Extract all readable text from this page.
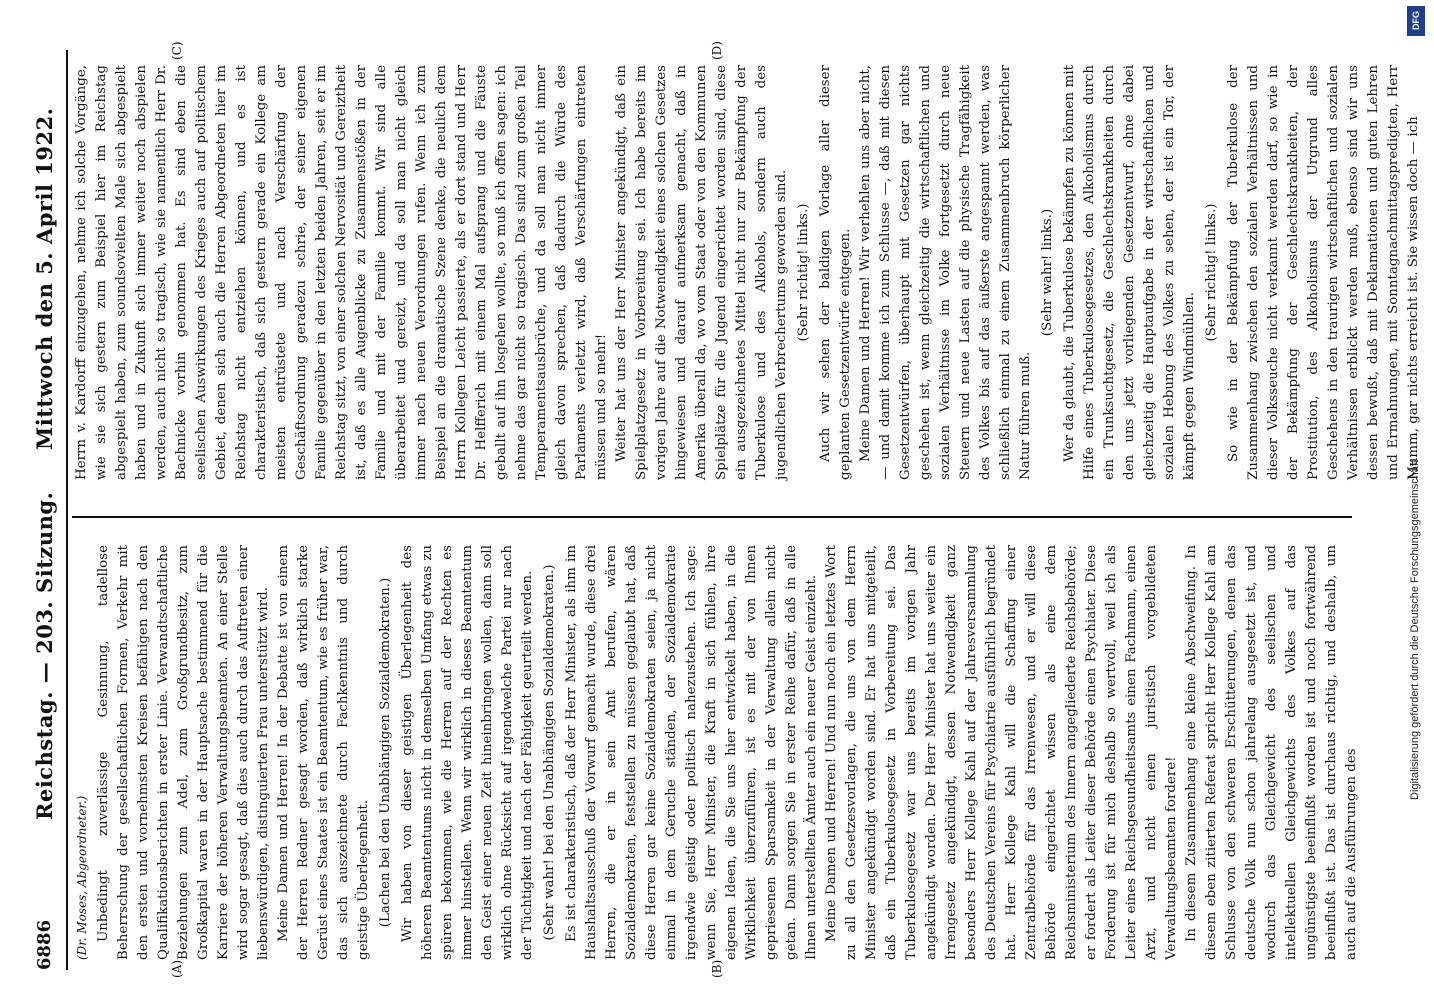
6886
Reichstag. — 203. Sitzung.
Mittwoch den 5. April 1922.
(A)	(B)
(C)	(D)
(Dr. Moses, Abgeordneter.) Unbedingt zuverlässige Gesinnung, tadellose Beherrschung der gesellschaftlichen Formen, Verkehr mit den ersten und vornehmsten Kreisen befähigen nach den Qualifikationsberichten in erster Linie. Verwandtschaftliche Beziehungen zum Adel, zum Großgrundbesitz, zum Großkapital waren in der Hauptsache bestimmend für die Karriere der höheren Verwaltungsbeamten. An einer Stelle wird sogar gesagt, daß dies auch durch das Auftreten einer liebenswürdigen, distinguierten Frau unterstützt wird. Meine Damen und Herren! In der Debatte ist von einem der Herren Redner gesagt worden, daß wirklich starke Gerüst eines Staates ist ein Beamtentum, wie es früher war, das sich auszeichnete durch Fachkenntnis und durch geistige Überlegenheit. (Lachen bei den Unabhängigen Sozialdemokraten.) Wir haben von dieser geistigen Überlegenheit des höheren Beamtentums nicht in demselben Umfang etwas zu spüren bekommen, wie die Herren auf der Rechten es immer hinstellen. Wenn wir wirklich in dieses Beamtentum den Geist einer neuen Zeit hineinbringen wollen, dann soll wirklich ohne Rücksicht auf irgendwelche Partei nur nach der Tüchtigkeit und nach der Fähigkeit geurteilt werden. (Sehr wahr! bei den Unabhängigen Sozialdemokraten.) Es ist charakteristisch, daß der Herr Minister, als ihm im Haushaltsausschuß der Vorwurf gemacht wurde, diese drei Herren, die er in sein Amt berufen, wären Sozialdemokraten, feststellen zu müssen geglaubt hat, daß diese Herren gar keine Sozialdemokraten seien, ja nicht einmal in dem Geruche ständen, der Sozialdemokratie irgendwie geistig oder politisch nahezustehen. Ich sage: wenn Sie, Herr Minister, die Kraft in sich fühlen, ihre eigenen Ideen, die Sie uns hier entwickelt haben, in die Wirklichkeit überzuführen, ist es mit der von Ihnen gepriesenen Sparsamkeit in der Verwaltung allein nicht getan. Dann sorgen Sie in erster Reihe dafür, daß in alle Ihnen unterstellten Ämter auch ein neuer Geist einzieht. Meine Damen und Herren! Und nun noch ein letztes Wort zu all den Gesetzesvorlagen, die uns von dem Herrn Minister angekündigt worden sind. Er hat uns mitgeteilt, daß ein Tuberkulosegesetz in Vorbereitung sei. Das Tuberkulosegesetz war uns bereits im vorigen Jahr angekündigt worden. Der Herr Minister hat uns weiter ein Irrengesetz angekündigt, dessen Notwendigkeit ganz besonders Herr Kollege Kahl auf der Jahresversammlung des Deutschen Vereins für Psychiatrie ausführlich begründet hat. Herr Kollege Kahl will die Schaffung einer Zentralbehörde für das Irrenwesen, und er will diese Behörde eingerichtet wissen als eine dem Reichsministerium des Innern angegliederte Reichsbehörde; er fordert als Leiter dieser Behörde einen Psychiater. Diese Forderung ist für mich deshalb so wertvoll, weil ich als Leiter eines Reichsgesundheitsamts einen Fachmann, einen Arzt, und nicht einen juristisch vorgebildeten Verwaltungsbeamten fordere! In diesem Zusammenhang eine kleine Abschweifung. In diesem eben zitierten Referat spricht Herr Kollege Kahl am Schlusse von den schweren Erschütterungen, denen das deutsche Volk nun schon jahrelang ausgesetzt ist, und wodurch das Gleichgewicht des seelischen und intellektuellen Gleichgewichts des Volkes auf das ungünstigste beeinflußt worden ist und noch fortwährend beeinflußt ist. Das ist durchaus richtig, und deshalb, um auch auf die Ausführungen des

Herrn v. Kardorff einzugehen, nehme ich solche Vorgänge, wie sie sich gestern zum Beispiel hier im Reichstag abgespielt haben, zum soundsovielten Male sich abgespielt haben und in Zukunft sich immer weiter noch abspielen werden, auch nicht so tragisch, wie sie namentlich Herr Dr. Bachnicke vorhin genommen hat. Es sind eben die seelischen Auswirkungen des Krieges auch auf politischem Gebiet, denen sich auch die Herren Abgeordneten hier im Reichstag nicht entziehen können, und es ist charakteristisch, daß sich gestern gerade ein Kollege am meisten entrüstete und nach Verschärfung der Geschäftsordnung geradezu schrie, der seiner eigenen Familie gegenüber in den letzten beiden Jahren, seit er im Reichstag sitzt, von einer solchen Nervosität und Gereiztheit ist, daß es alle Augenblicke zu Zusammenstößen in der Familie und mit der Familie kommt. Wir sind alle überarbeitet und gereizt, und da soll man nicht gleich immer nach neuen Verordnungen rufen. Wenn ich zum Beispiel an die dramatische Szene denke, die neulich dem Herrn Kollegen Leicht passierte, als er dort stand und Herr Dr. Helfferich mit einem Mal aufsprang und die Fäuste geballt auf ihn losgehen wollte, so muß ich offen sagen: ich nehme das gar nicht so tragisch. Das sind zum großen Teil Temperamentsausbrüche, und da soll man nicht immer gleich davon sprechen, daß dadurch die Würde des Parlaments verletzt wird, daß Verschärfungen eintreten müssen und so mehr! Weiter hat uns der Herr Minister angekündigt, daß ein Spielplatzgesetz in Vorbereitung sei. Ich habe bereits im vorigen Jahre auf die Notwendigkeit eines solchen Gesetzes hingewiesen und darauf aufmerksam gemacht, daß in Amerika überall da, wo vom Staat oder von den Kommunen Spielplätze für die Jugend eingerichtet worden sind, diese ein ausgezeichnetes Mittel nicht nur zur Bekämpfung der Tuberkulose und des Alkohols, sondern auch des jugendlichen Verbrechertums geworden sind. (Sehr richtig! links.) Auch wir sehen der baldigen Vorlage aller dieser geplanten Gesetzentwürfe entgegen. Meine Damen und Herren! Wir verhehlen uns aber nicht, — und damit komme ich zum Schlusse —, daß mit diesen Gesetzentwürfen, überhaupt mit Gesetzen gar nichts geschehen ist, wenn gleichzeitig die wirtschaftlichen und sozialen Verhältnisse im Volke fortgesetzt durch neue Steuern und neue Lasten auf die physische Tragfähigkeit des Volkes bis auf das äußerste angespannt werden, was schließlich einmal zu einem Zusammenbruch körperlicher Natur führen muß.

(Sehr wahr! links.) Wer da glaubt, die Tuberkulose bekämpfen zu können mit Hilfe eines Tuberkulosegesetzes, den Alkoholismus durch ein Trunksuchtgesetz, die Geschlechtskrankheiten durch den uns jetzt vorliegenden Gesetzentwurf, ohne dabei gleichzeitig die Hauptaufgabe in der wirtschaftlichen und sozialen Hebung des Volkes zu sehen, der ist ein Tor, der kämpft gegen Windmühlen.

(Sehr richtig! links.) So wie in der Bekämpfung der Tuberkulose der Zusammenhang zwischen den sozialen Verhältnissen und dieser Volksseuche nicht verkannt werden darf, so wie in der Bekämpfung der Geschlechtskrankheiten, der Prostitution, des Alkoholismus der Urgrund alles Geschehens in den traurigen wirtschaftlichen und sozialen Verhältnissen erblickt werden muß, ebenso sind wir uns dessen bewußt, daß mit Deklamationen und guten Lehren und Ermahnungen, mit Sonntagnachmittagspredigten, Herr Mumm, gar nichts erreicht ist. Sie wissen doch — ich

DFG
Digitalisierung gefördert durch die Deutsche Forschungsgemeinschaft
